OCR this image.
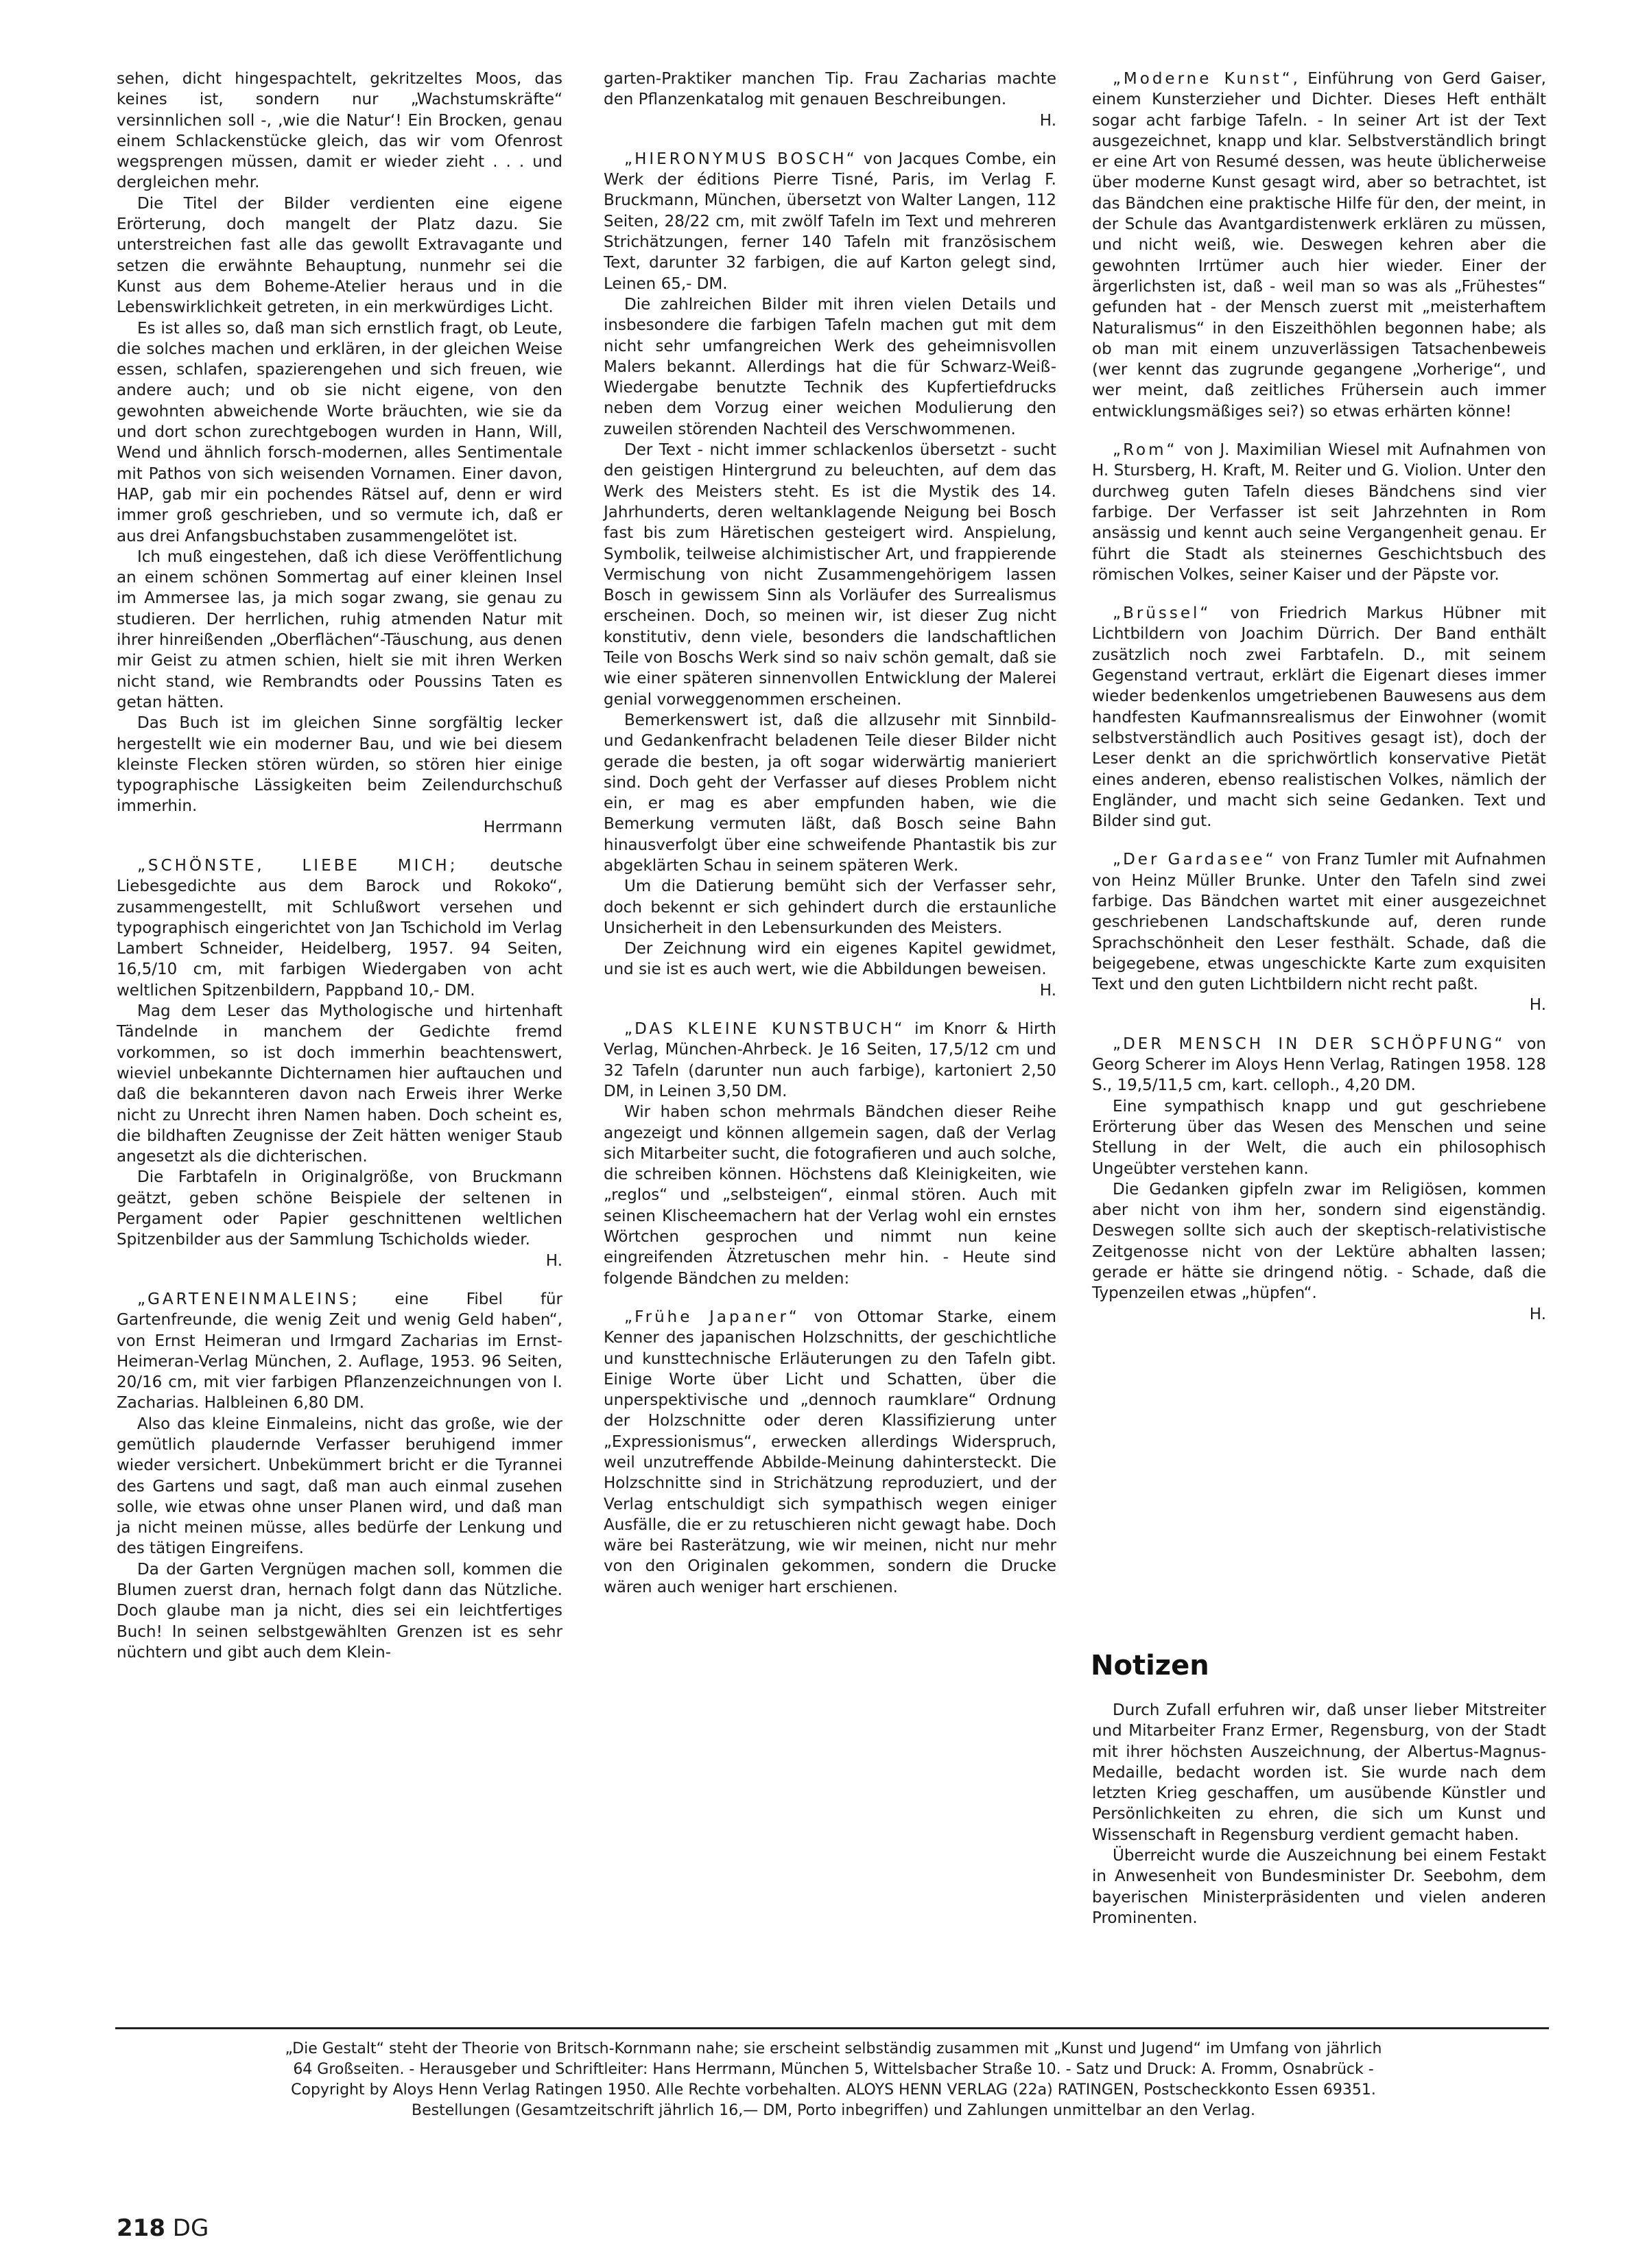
sehen, dicht hingespachtelt, gekritzeltes Moos, das keines ist, sondern nur „Wachstumskräfte“ versinnlichen soll -, ‚wie die Natur‘! Ein Brocken, genau einem Schlackenstücke gleich, das wir vom Ofenrost wegsprengen müssen, damit er wieder zieht . . . und dergleichen mehr.

Die Titel der Bilder verdienten eine eigene Erörterung, doch mangelt der Platz dazu. Sie unterstreichen fast alle das gewollt Extravagante und setzen die erwähnte Behauptung, nunmehr sei die Kunst aus dem Boheme-Atelier heraus und in die Lebenswirklichkeit getreten, in ein merkwürdiges Licht.

Es ist alles so, daß man sich ernstlich fragt, ob Leute, die solches machen und erklären, in der gleichen Weise essen, schlafen, spazierengehen und sich freuen, wie andere auch; und ob sie nicht eigene, von den gewohnten abweichende Worte bräuchten, wie sie da und dort schon zurechtgebogen wurden in Hann, Will, Wend und ähnlich forsch-modernen, alles Sentimentale mit Pathos von sich weisenden Vornamen. Einer davon, HAP, gab mir ein pochendes Rätsel auf, denn er wird immer groß geschrieben, und so vermute ich, daß er aus drei Anfangsbuchstaben zusammengelötet ist.

Ich muß eingestehen, daß ich diese Veröffentlichung an einem schönen Sommertag auf einer kleinen Insel im Ammersee las, ja mich sogar zwang, sie genau zu studieren. Der herrlichen, ruhig atmenden Natur mit ihrer hinreißenden „Oberflächen“-Täuschung, aus denen mir Geist zu atmen schien, hielt sie mit ihren Werken nicht stand, wie Rembrandts oder Poussins Taten es getan hätten.

Das Buch ist im gleichen Sinne sorgfältig lecker hergestellt wie ein moderner Bau, und wie bei diesem kleinste Flecken stören würden, so stören hier einige typographische Lässigkeiten beim Zeilendurchschuß immerhin.
Herrmann

„SCHÖNSTE, LIEBE MICH; deutsche Liebesgedichte aus dem Barock und Rokoko“, zusammengestellt, mit Schlußwort versehen und typographisch eingerichtet von Jan Tschichold im Verlag Lambert Schneider, Heidelberg, 1957. 94 Seiten, 16,5/10 cm, mit farbigen Wiedergaben von acht weltlichen Spitzenbildern, Pappband 10,- DM.

Mag dem Leser das Mythologische und hirtenhaft Tändelnde in manchem der Gedichte fremd vorkommen, so ist doch immerhin beachtenswert, wieviel unbekannte Dichternamen hier auftauchen und daß die bekannteren davon nach Erweis ihrer Werke nicht zu Unrecht ihren Namen haben. Doch scheint es, die bildhaften Zeugnisse der Zeit hätten weniger Staub angesetzt als die dichterischen.

Die Farbtafeln in Originalgröße, von Bruckmann geätzt, geben schöne Beispiele der seltenen in Pergament oder Papier geschnittenen weltlichen Spitzenbilder aus der Sammlung Tschicholds wieder.
H.

„GARTENEINMALEINS; eine Fibel für Gartenfreunde, die wenig Zeit und wenig Geld haben“, von Ernst Heimeran und Irmgard Zacharias im Ernst-Heimeran-Verlag München, 2. Auflage, 1953. 96 Seiten, 20/16 cm, mit vier farbigen Pflanzenzeichnungen von I. Zacharias. Halbleinen 6,80 DM.

Also das kleine Einmaleins, nicht das große, wie der gemütlich plaudernde Verfasser beruhigend immer wieder versichert. Unbekümmert bricht er die Tyrannei des Gartens und sagt, daß man auch einmal zusehen solle, wie etwas ohne unser Planen wird, und daß man ja nicht meinen müsse, alles bedürfe der Lenkung und des tätigen Eingreifens.

Da der Garten Vergnügen machen soll, kommen die Blumen zuerst dran, hernach folgt dann das Nützliche. Doch glaube man ja nicht, dies sei ein leichtfertiges Buch! In seinen selbstgewählten Grenzen ist es sehr nüchtern und gibt auch dem Klein-

garten-Praktiker manchen Tip. Frau Zacharias machte den Pflanzenkatalog mit genauen Beschreibungen.
H.

„HIERONYMUS BOSCH“ von Jacques Combe, ein Werk der éditions Pierre Tisné, Paris, im Verlag F. Bruckmann, München, übersetzt von Walter Langen, 112 Seiten, 28/22 cm, mit zwölf Tafeln im Text und mehreren Strichätzungen, ferner 140 Tafeln mit französischem Text, darunter 32 farbigen, die auf Karton gelegt sind, Leinen 65,- DM.

Die zahlreichen Bilder mit ihren vielen Details und insbesondere die farbigen Tafeln machen gut mit dem nicht sehr umfangreichen Werk des geheimnisvollen Malers bekannt. Allerdings hat die für Schwarz-Weiß-Wiedergabe benutzte Technik des Kupfertiefdrucks neben dem Vorzug einer weichen Modulierung den zuweilen störenden Nachteil des Verschwommenen.

Der Text - nicht immer schlackenlos übersetzt - sucht den geistigen Hintergrund zu beleuchten, auf dem das Werk des Meisters steht. Es ist die Mystik des 14. Jahrhunderts, deren weltanklagende Neigung bei Bosch fast bis zum Häretischen gesteigert wird. Anspielung, Symbolik, teilweise alchimistischer Art, und frappierende Vermischung von nicht Zusammengehörigem lassen Bosch in gewissem Sinn als Vorläufer des Surrealismus erscheinen. Doch, so meinen wir, ist dieser Zug nicht konstitutiv, denn viele, besonders die landschaftlichen Teile von Boschs Werk sind so naiv schön gemalt, daß sie wie einer späteren sinnenvollen Entwicklung der Malerei genial vorweggenommen erscheinen.

Bemerkenswert ist, daß die allzusehr mit Sinnbild- und Gedankenfracht beladenen Teile dieser Bilder nicht gerade die besten, ja oft sogar widerwärtig manieriert sind. Doch geht der Verfasser auf dieses Problem nicht ein, er mag es aber empfunden haben, wie die Bemerkung vermuten läßt, daß Bosch seine Bahn hinausverfolgt über eine schweifende Phantastik bis zur abgeklärten Schau in seinem späteren Werk.

Um die Datierung bemüht sich der Verfasser sehr, doch bekennt er sich gehindert durch die erstaunliche Unsicherheit in den Lebensurkunden des Meisters.

Der Zeichnung wird ein eigenes Kapitel gewidmet, und sie ist es auch wert, wie die Abbildungen beweisen.
H.

„DAS KLEINE KUNSTBUCH“ im Knorr & Hirth Verlag, München-Ahrbeck. Je 16 Seiten, 17,5/12 cm und 32 Tafeln (darunter nun auch farbige), kartoniert 2,50 DM, in Leinen 3,50 DM.

Wir haben schon mehrmals Bändchen dieser Reihe angezeigt und können allgemein sagen, daß der Verlag sich Mitarbeiter sucht, die fotografieren und auch solche, die schreiben können. Höchstens daß Kleinigkeiten, wie „reglos“ und „selbsteigen“, einmal stören. Auch mit seinen Klischeemachern hat der Verlag wohl ein ernstes Wörtchen gesprochen und nimmt nun keine eingreifenden Ätzretuschen mehr hin. - Heute sind folgende Bändchen zu melden:

„Frühe Japaner“ von Ottomar Starke, einem Kenner des japanischen Holzschnitts, der geschichtliche und kunsttechnische Erläuterungen zu den Tafeln gibt. Einige Worte über Licht und Schatten, über die unperspektivische und „dennoch raumklare“ Ordnung der Holzschnitte oder deren Klassifizierung unter „Expressionismus“, erwecken allerdings Widerspruch, weil unzutreffende Abbilde-Meinung dahintersteckt. Die Holzschnitte sind in Strichätzung reproduziert, und der Verlag entschuldigt sich sympathisch wegen einiger Ausfälle, die er zu retuschieren nicht gewagt habe. Doch wäre bei Rasterätzung, wie wir meinen, nicht nur mehr von den Originalen gekommen, sondern die Drucke wären auch weniger hart erschienen.

„Moderne Kunst“, Einführung von Gerd Gaiser, einem Kunsterzieher und Dichter. Dieses Heft enthält sogar acht farbige Tafeln. - In seiner Art ist der Text ausgezeichnet, knapp und klar. Selbstverständlich bringt er eine Art von Resumé dessen, was heute üblicherweise über moderne Kunst gesagt wird, aber so betrachtet, ist das Bändchen eine praktische Hilfe für den, der meint, in der Schule das Avantgardistenwerk erklären zu müssen, und nicht weiß, wie. Deswegen kehren aber die gewohnten Irrtümer auch hier wieder. Einer der ärgerlichsten ist, daß - weil man so was als „Frühestes“ gefunden hat - der Mensch zuerst mit „meisterhaftem Naturalismus“ in den Eiszeithöhlen begonnen habe; als ob man mit einem unzuverlässigen Tatsachenbeweis (wer kennt das zugrunde gegangene „Vorherige“, und wer meint, daß zeitliches Frühersein auch immer entwicklungsmäßiges sei?) so etwas erhärten könne!

„Rom“ von J. Maximilian Wiesel mit Aufnahmen von H. Stursberg, H. Kraft, M. Reiter und G. Violion. Unter den durchweg guten Tafeln dieses Bändchens sind vier farbige. Der Verfasser ist seit Jahrzehnten in Rom ansässig und kennt auch seine Vergangenheit genau. Er führt die Stadt als steinernes Geschichtsbuch des römischen Volkes, seiner Kaiser und der Päpste vor.

„Brüssel“ von Friedrich Markus Hübner mit Lichtbildern von Joachim Dürrich. Der Band enthält zusätzlich noch zwei Farbtafeln. D., mit seinem Gegenstand vertraut, erklärt die Eigenart dieses immer wieder bedenkenlos umgetriebenen Bauwesens aus dem handfesten Kaufmannsrealismus der Einwohner (womit selbstverständlich auch Positives gesagt ist), doch der Leser denkt an die sprichwörtlich konservative Pietät eines anderen, ebenso realistischen Volkes, nämlich der Engländer, und macht sich seine Gedanken. Text und Bilder sind gut.

„Der Gardasee“ von Franz Tumler mit Aufnahmen von Heinz Müller Brunke. Unter den Tafeln sind zwei farbige. Das Bändchen wartet mit einer ausgezeichnet geschriebenen Landschaftskunde auf, deren runde Sprachschönheit den Leser festhält. Schade, daß die beigegebene, etwas ungeschickte Karte zum exquisiten Text und den guten Lichtbildern nicht recht paßt.
H.

„DER MENSCH IN DER SCHÖPFUNG“ von Georg Scherer im Aloys Henn Verlag, Ratingen 1958. 128 S., 19,5/11,5 cm, kart. celloph., 4,20 DM.

Eine sympathisch knapp und gut geschriebene Erörterung über das Wesen des Menschen und seine Stellung in der Welt, die auch ein philosophisch Ungeübter verstehen kann.

Die Gedanken gipfeln zwar im Religiösen, kommen aber nicht von ihm her, sondern sind eigenständig. Deswegen sollte sich auch der skeptisch-relativistische Zeitgenosse nicht von der Lektüre abhalten lassen; gerade er hätte sie dringend nötig. - Schade, daß die Typenzeilen etwas „hüpfen“.
H.

Notizen

Durch Zufall erfuhren wir, daß unser lieber Mitstreiter und Mitarbeiter Franz Ermer, Regensburg, von der Stadt mit ihrer höchsten Auszeichnung, der Albertus-Magnus-Medaille, bedacht worden ist. Sie wurde nach dem letzten Krieg geschaffen, um ausübende Künstler und Persönlichkeiten zu ehren, die sich um Kunst und Wissenschaft in Regensburg verdient gemacht haben.

Überreicht wurde die Auszeichnung bei einem Festakt in Anwesenheit von Bundesminister Dr. Seebohm, dem bayerischen Ministerpräsidenten und vielen anderen Prominenten.

„Die Gestalt“ steht der Theorie von Britsch-Kornmann nahe; sie erscheint selbständig zusammen mit „Kunst und Jugend“ im Umfang von jährlich

64 Großseiten. - Herausgeber und Schriftleiter: Hans Herrmann, München 5, Wittelsbacher Straße 10. - Satz und Druck: A. Fromm, Osnabrück -

Copyright by Aloys Henn Verlag Ratingen 1950. Alle Rechte vorbehalten. ALOYS HENN VERLAG (22a) RATINGEN, Postscheckkonto Essen 69351.

Bestellungen (Gesamtzeitschrift jährlich 16,— DM, Porto inbegriffen) und Zahlungen unmittelbar an den Verlag.

218 DG
